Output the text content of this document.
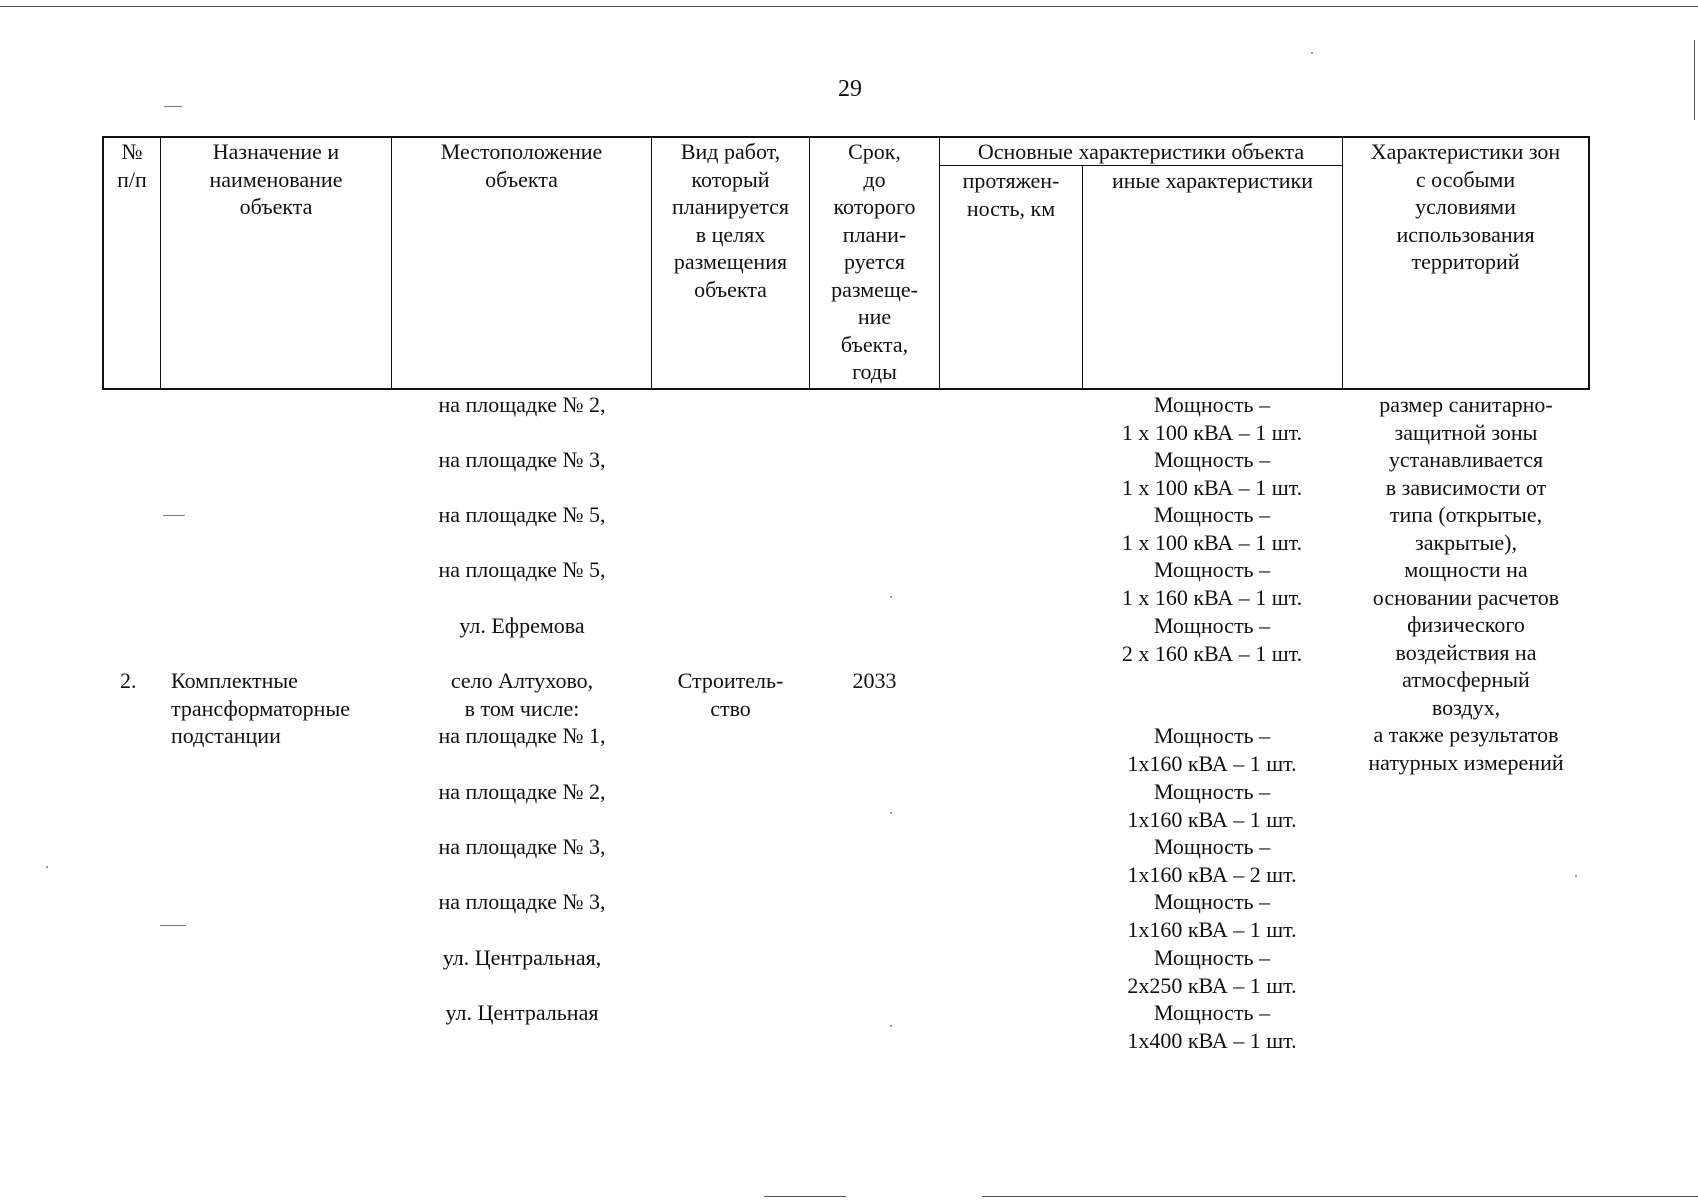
29
№
п/п
Назначение и
наименование
объекта
Местоположение
объекта
Вид работ,
который
планируется
в целях
размещения
объекта
Срок,
до
которого
плани-
руется
размеще-
ние
бъекта,
годы
Основные характеристики объекта
протяжен-
ность, км
иные характеристики
Характеристики зон
с особыми
условиями
использования
территорий
на площадке № 2,
на площадке № 3,
на площадке № 5,
на площадке № 5,
ул. Ефремова
2. Комплектные
трансформаторные
подстанции
село Алтухово,
в том числе:
на площадке № 1,
на площадке № 2,
на площадке № 3,
на площадке № 3,
ул. Центральная,
ул. Центральная
Строитель-
ство
2033
Мощность –
1 х 100 кВА – 1 шт.
Мощность –
1 х 100 кВА – 1 шт.
Мощность –
1 х 100 кВА – 1 шт.
Мощность –
1 х 160 кВА – 1 шт.
Мощность –
2 х 160 кВА – 1 шт.
Мощность –
1х160 кВА – 1 шт.
Мощность –
1х160 кВА – 1 шт.
Мощность –
1х160 кВА – 2 шт.
Мощность –
1х160 кВА – 1 шт.
Мощность –
2х250 кВА – 1 шт.
Мощность –
1х400 кВА – 1 шт.
размер санитарно-
защитной зоны
устанавливается
в зависимости от
типа (открытые,
закрытые),
мощности на
основании расчетов
физического
воздействия на
атмосферный
воздух,
а также результатов
натурных измерений
